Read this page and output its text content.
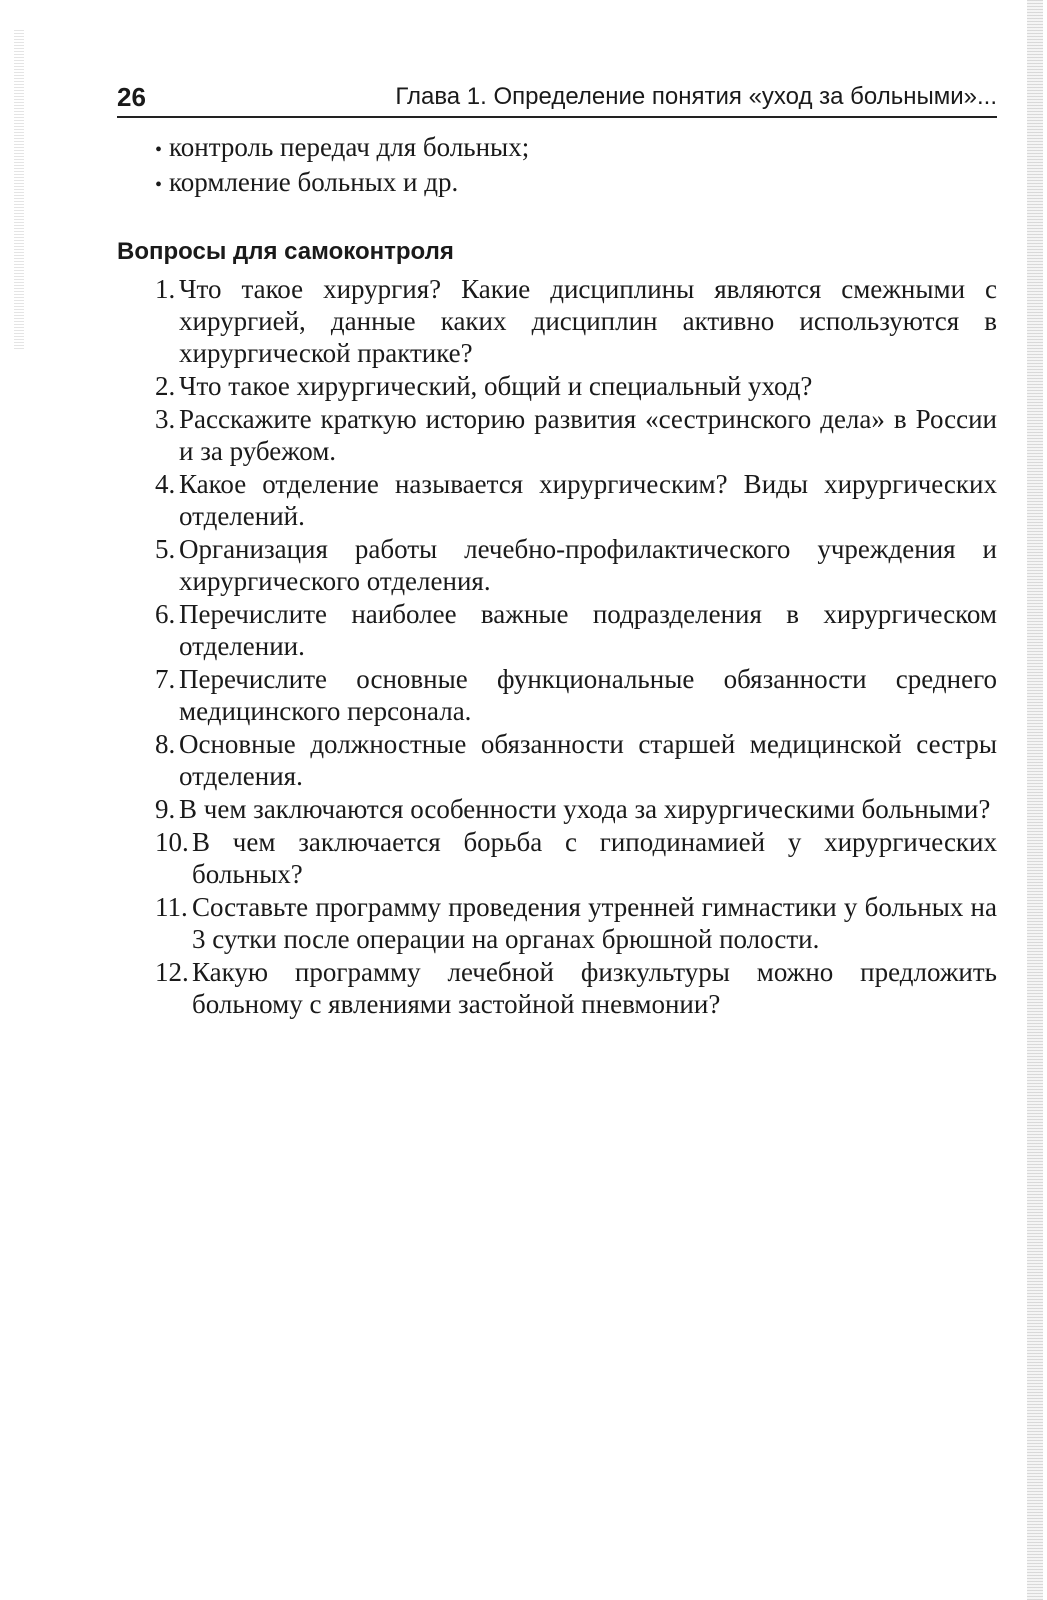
26	Глава 1. Определение понятия «уход за больными»...
• контроль передач для больных;
• кормление больных и др.
Вопросы для самоконтроля
1. Что такое хирургия? Какие дисциплины являются смежными с хирургией, данные каких дисциплин активно используются в хирургической практике?
2. Что такое хирургический, общий и специальный уход?
3. Расскажите краткую историю развития «сестринского дела» в России и за рубежом.
4. Какое отделение называется хирургическим? Виды хирургических отделений.
5. Организация работы лечебно-профилактического учреждения и хирургического отделения.
6. Перечислите наиболее важные подразделения в хирургическом отделении.
7. Перечислите основные функциональные обязанности среднего медицинского персонала.
8. Основные должностные обязанности старшей медицинской сестры отделения.
9. В чем заключаются особенности ухода за хирургическими больными?
10. В чем заключается борьба с гиподинамией у хирургических больных?
11. Составьте программу проведения утренней гимнастики у больных на 3 сутки после операции на органах брюшной полости.
12. Какую программу лечебной физкультуры можно предложить больному с явлениями застойной пневмонии?
